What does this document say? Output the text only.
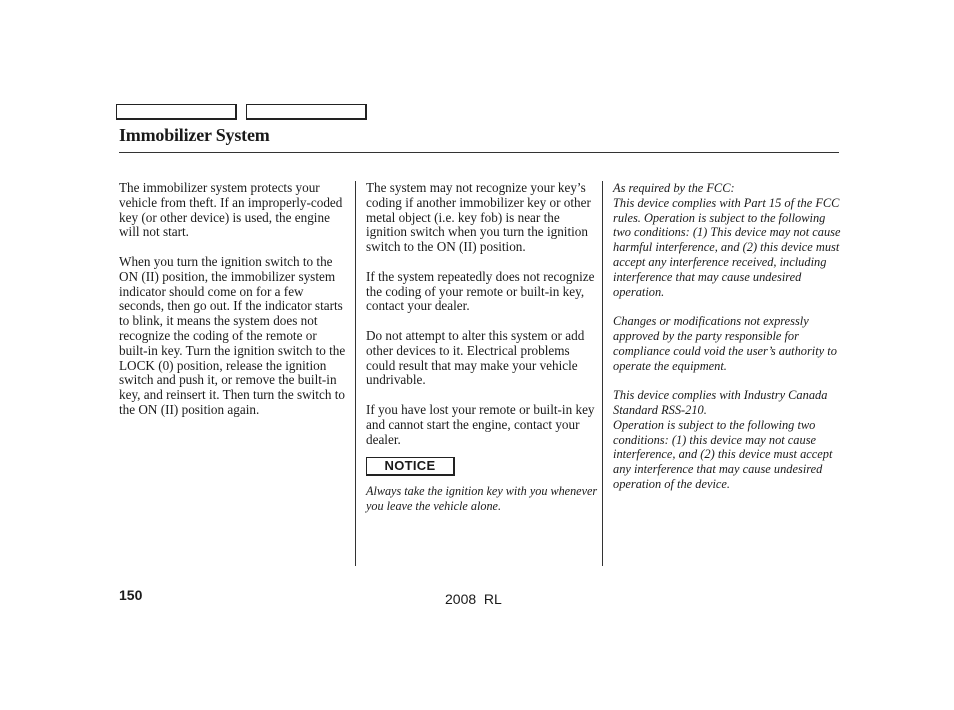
Immobilizer System

The immobilizer system protects your vehicle from theft. If an improperly-coded key (or other device) is used, the engine will not start.

When you turn the ignition switch to the ON (II) position, the immobilizer system indicator should come on for a few seconds, then go out. If the indicator starts to blink, it means the system does not recognize the coding of the remote or built-in key. Turn the ignition switch to the LOCK (0) position, release the ignition switch and push it, or remove the built-in key, and reinsert it. Then turn the switch to the ON (II) position again.

The system may not recognize your key’s coding if another immobilizer key or other metal object (i.e. key fob) is near the ignition switch when you turn the ignition switch to the ON (II) position.

If the system repeatedly does not recognize the coding of your remote or built-in key, contact your dealer.

Do not attempt to alter this system or add other devices to it. Electrical problems could result that may make your vehicle undrivable.

If you have lost your remote or built-in key and cannot start the engine, contact your dealer.

NOTICE

Always take the ignition key with you whenever you leave the vehicle alone.

As required by the FCC:

This device complies with Part 15 of the FCC rules. Operation is subject to the following two conditions: (1) This device may not cause harmful interference, and (2) this device must accept any interference received, including interference that may cause undesired operation.

Changes or modifications not expressly approved by the party responsible for compliance could void the user’s authority to operate the equipment.

This device complies with Industry Canada Standard RSS-210.

Operation is subject to the following two conditions: (1) this device may not cause interference, and (2) this device must accept any interference that may cause undesired operation of the device.

150	2008  RL
